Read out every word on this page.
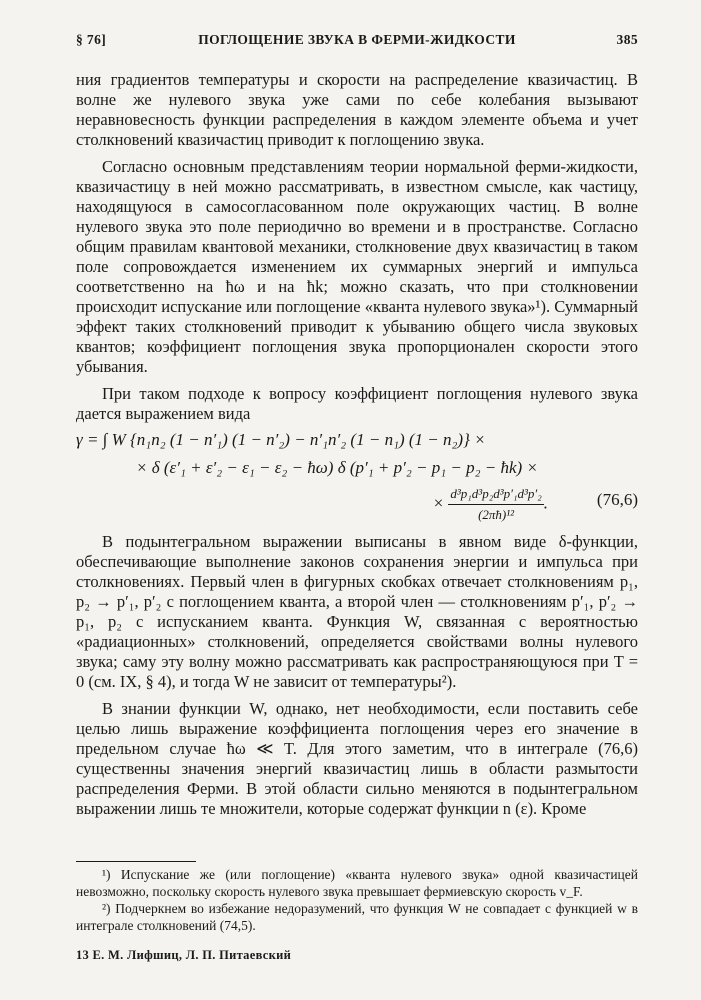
§ 76]	ПОГЛОЩЕНИЕ ЗВУКА В ФЕРМИ-ЖИДКОСТИ	385

ния градиентов температуры и скорости на распределение квазичастиц. В волне же нулевого звука уже сами по себе колебания вызывают неравновесность функции распределения в каждом элементе объема и учет столкновений квазичастиц приводит к поглощению звука.

Согласно основным представлениям теории нормальной ферми-жидкости, квазичастицу в ней можно рассматривать, в известном смысле, как частицу, находящуюся в самосогласованном поле окружающих частиц. В волне нулевого звука это поле периодично во времени и в пространстве. Согласно общим правилам квантовой механики, столкновение двух квазичастиц в таком поле сопровождается изменением их суммарных энергий и импульса соответственно на ħω и на ħk; можно сказать, что при столкновении происходит испускание или поглощение «кванта нулевого звука»¹). Суммарный эффект таких столкновений приводит к убыванию общего числа звуковых квантов; коэффициент поглощения звука пропорционален скорости этого убывания.

При таком подходе к вопросу коэффициент поглощения нулевого звука дается выражением вида

γ = ∫ W {n₁n₂ (1 − n′₁) (1 − n′₂) − n′₁n′₂ (1 − n₁) (1 − n₂)} ×
× δ (ε′₁ + ε′₂ − ε₁ − ε₂ − ħω) δ (p′₁ + p′₂ − p₁ − p₂ − ħk) ×
× $\frac{\text{d³p₁d³p₂d³p′₁d³p′₂}}{\text{(2πħ)¹²}}$ .	(76,6)

В подынтегральном выражении выписаны в явном виде δ-функции, обеспечивающие выполнение законов сохранения энергии и импульса при столкновениях. Первый член в фигурных скобках отвечает столкновениям p₁, p₂ → p′₁, p′₂ с поглощением кванта, а второй член — столкновениям p′₁, p′₂ → p₁, p₂ с испусканием кванта. Функция W, связанная с вероятностью «радиационных» столкновений, определяется свойствами волны нулевого звука; саму эту волну можно рассматривать как распространяющуюся при T = 0 (см. IX, § 4), и тогда W не зависит от температуры²).

В знании функции W, однако, нет необходимости, если поставить себе целью лишь выражение коэффициента поглощения через его значение в предельном случае ħω ≪ T. Для этого заметим, что в интеграле (76,6) существенны значения энергий квазичастиц лишь в области размытости распределения Ферми. В этой области сильно меняются в подынтегральном выражении лишь те множители, которые содержат функции n (ε). Кроме

¹) Испускание же (или поглощение) «кванта нулевого звука» одной квазичастицей невозможно, поскольку скорость нулевого звука превышает фермиевскую скорость v_F.

²) Подчеркнем во избежание недоразумений, что функция W не совпадает с функцией w в интеграле столкновений (74,5).

13 Е. М. Лифшиц, Л. П. Питаевский
